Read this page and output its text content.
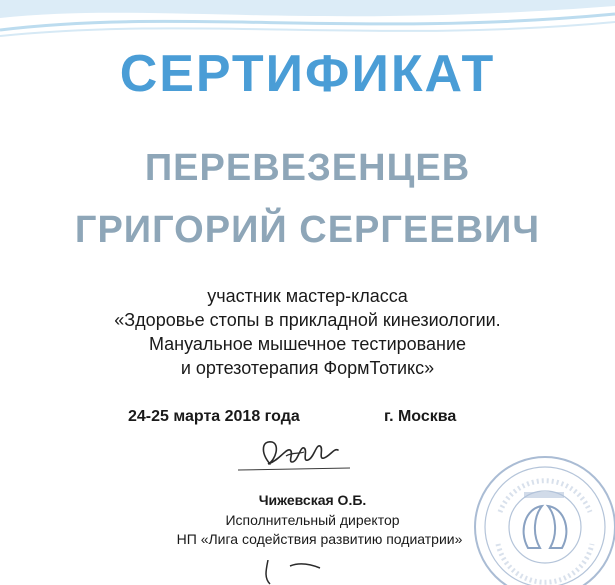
СЕРТИФИКАТ
ПЕРЕВЕЗЕНЦЕВ
ГРИГОРИЙ СЕРГЕЕВИЧ
участник мастер-класса
«Здоровье стопы в прикладной кинезиологии.
Мануальное мышечное тестирование
и ортезотерапия ФормТотикс»
24-25 марта 2018 года	г. Москва
Чижевская О.Б.
Исполнительный директор
НП «Лига содействия развитию подиатрии»
